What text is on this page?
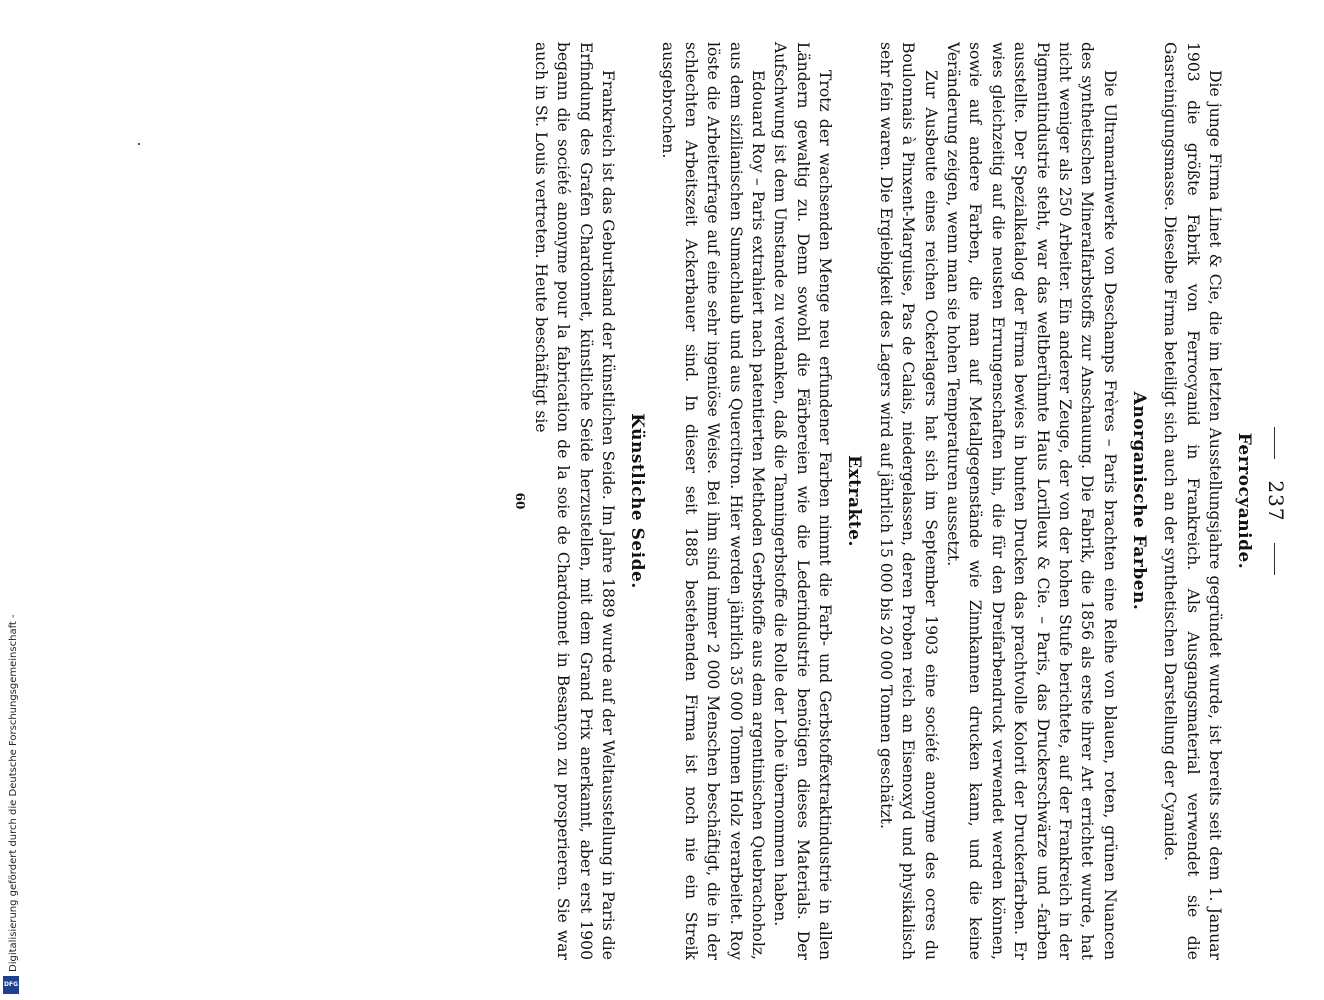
237
Ferrocyanide.

Die junge Firma Linet & Cie, die im letzten Ausstellungsjahre gegründet wurde, ist bereits seit dem 1. Januar 1903 die größte Fabrik von Ferrocyanid in Frankreich. Als Ausgangsmaterial verwendet sie die Gasreinigungsmasse. Dieselbe Firma beteiligt sich auch an der synthetischen Darstellung der Cyanide.

Anorganische Farben.

Die Ultramarinwerke von Deschamps Frères – Paris brachten eine Reihe von blauen, roten, grünen Nuancen des synthetischen Mineralfarbstoffs zur Anschauung. Die Fabrik, die 1856 als erste ihrer Art errichtet wurde, hat nicht weniger als 250 Arbeiter. Ein anderer Zeuge, der von der hohen Stufe berichtete, auf der Frankreich in der Pigmentindustrie steht, war das weltberühmte Haus Lorilleux & Cie. – Paris, das Druckerschwärze und -farben ausstellte. Der Spezialkatalog der Firma bewies in bunten Drucken das prachtvolle Kolorit der Druckerfarben. Er wies gleichzeitig auf die neusten Errungenschaften hin, die für den Dreifarbendruck verwendet werden können, sowie auf andere Farben, die man auf Metallgegenstände wie Zinnkannen drucken kann, und die keine Veränderung zeigen, wenn man sie hohen Temperaturen aussetzt.

Zur Ausbeute eines reichen Ockerlagers hat sich im September 1903 eine société anonyme des ocres du Boulonnais à Pinxent-Marguise, Pas de Calais, niedergelassen, deren Proben reich an Eisenoxyd und physikalisch sehr fein waren. Die Ergiebigkeit des Lagers wird auf jährlich 15 000 bis 20 000 Tonnen geschätzt.

Extrakte.

Trotz der wachsenden Menge neu erfundener Farben nimmt die Farb- und Gerbstoffextraktindustrie in allen Ländern gewaltig zu. Denn sowohl die Färbereien wie die Lederindustrie benötigen dieses Materials. Der Aufschwung ist dem Umstande zu verdanken, daß die Tanningerbstoffe die Rolle der Lohe übernommen haben.

Edouard Roy – Paris extrahiert nach patentierten Methoden Gerbstoffe aus dem argentinischen Quebrachoholz, aus dem sizilianischen Sumachlaub und aus Quercitron. Hier werden jährlich 35 000 Tonnen Holz verarbeitet. Roy löste die Arbeiterfrage auf eine sehr ingeniöse Weise. Bei ihm sind immer 2 000 Menschen beschäftigt, die in der schlechten Arbeitszeit Ackerbauer sind. In dieser seit 1885 bestehenden Firma ist noch nie ein Streik ausgebrochen.

Künstliche Seide.

Frankreich ist das Geburtsland der künstlichen Seide. Im Jahre 1889 wurde auf der Weltausstellung in Paris die Erfindung des Grafen Chardonnet, künstliche Seide herzustellen, mit dem Grand Prix anerkannt, aber erst 1900 begann die société anonyme pour la fabrication de la soie de Chardonnet in Besançon zu prosperieren. Sie war auch in St. Louis vertreten. Heute beschäftigt sie

60
Digitalisierung gefördert durch die Deutsche Forschungsgemeinschaft -
DFG
